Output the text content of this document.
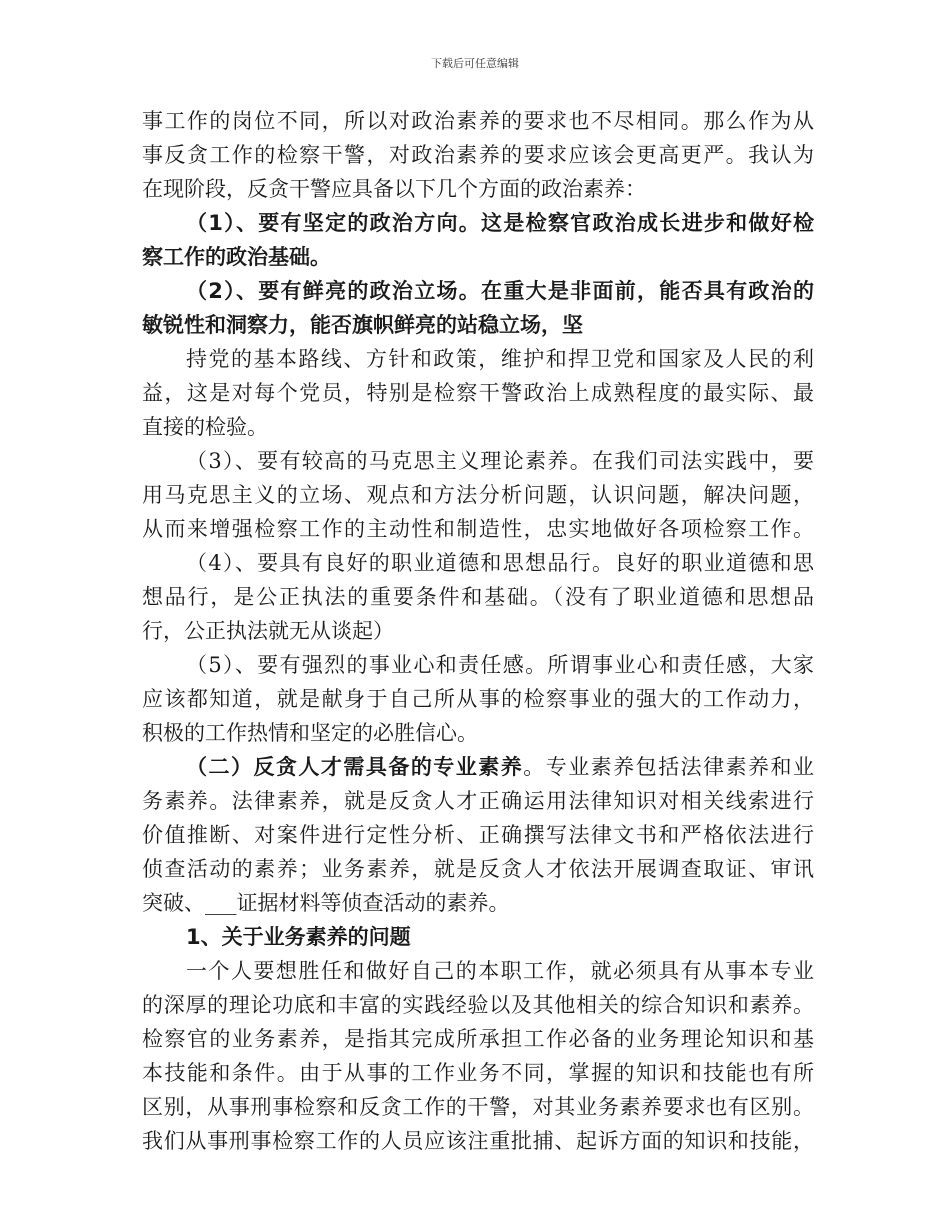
下载后可任意编辑
事工作的岗位不同，所以对政治素养的要求也不尽相同。那么作为从
事反贪工作的检察干警，对政治素养的要求应该会更高更严。我认为
在现阶段，反贪干警应具备以下几个方面的政治素养：
（1）、要有坚定的政治方向。这是检察官政治成长进步和做好检
察工作的政治基础。
（2）、要有鲜亮的政治立场。在重大是非面前，能否具有政治的
敏锐性和洞察力，能否旗帜鲜亮的站稳立场，坚
持党的基本路线、方针和政策，维护和捍卫党和国家及人民的利
益，这是对每个党员，特别是检察干警政治上成熟程度的最实际、最
直接的检验。
（3）、要有较高的马克思主义理论素养。在我们司法实践中，要
用马克思主义的立场、观点和方法分析问题，认识问题，解决问题，
从而来增强检察工作的主动性和制造性，忠实地做好各项检察工作。
（4）、要具有良好的职业道德和思想品行。良好的职业道德和思
想品行，是公正执法的重要条件和基础。（没有了职业道德和思想品
行，公正执法就无从谈起）
（5）、要有强烈的事业心和责任感。所谓事业心和责任感，大家
应该都知道，就是献身于自己所从事的检察事业的强大的工作动力，
积极的工作热情和坚定的必胜信心。
（二）反贪人才需具备的专业素养。专业素养包括法律素养和业
务素养。法律素养，就是反贪人才正确运用法律知识对相关线索进行
价值推断、对案件进行定性分析、正确撰写法律文书和严格依法进行
侦查活动的素养；业务素养，就是反贪人才依法开展调查取证、审讯
突破、___证据材料等侦查活动的素养。
1、关于业务素养的问题
一个人要想胜任和做好自己的本职工作，就必须具有从事本专业
的深厚的理论功底和丰富的实践经验以及其他相关的综合知识和素养。
检察官的业务素养，是指其完成所承担工作必备的业务理论知识和基
本技能和条件。由于从事的工作业务不同，掌握的知识和技能也有所
区别，从事刑事检察和反贪工作的干警，对其业务素养要求也有区别。
我们从事刑事检察工作的人员应该注重批捕、起诉方面的知识和技能，
